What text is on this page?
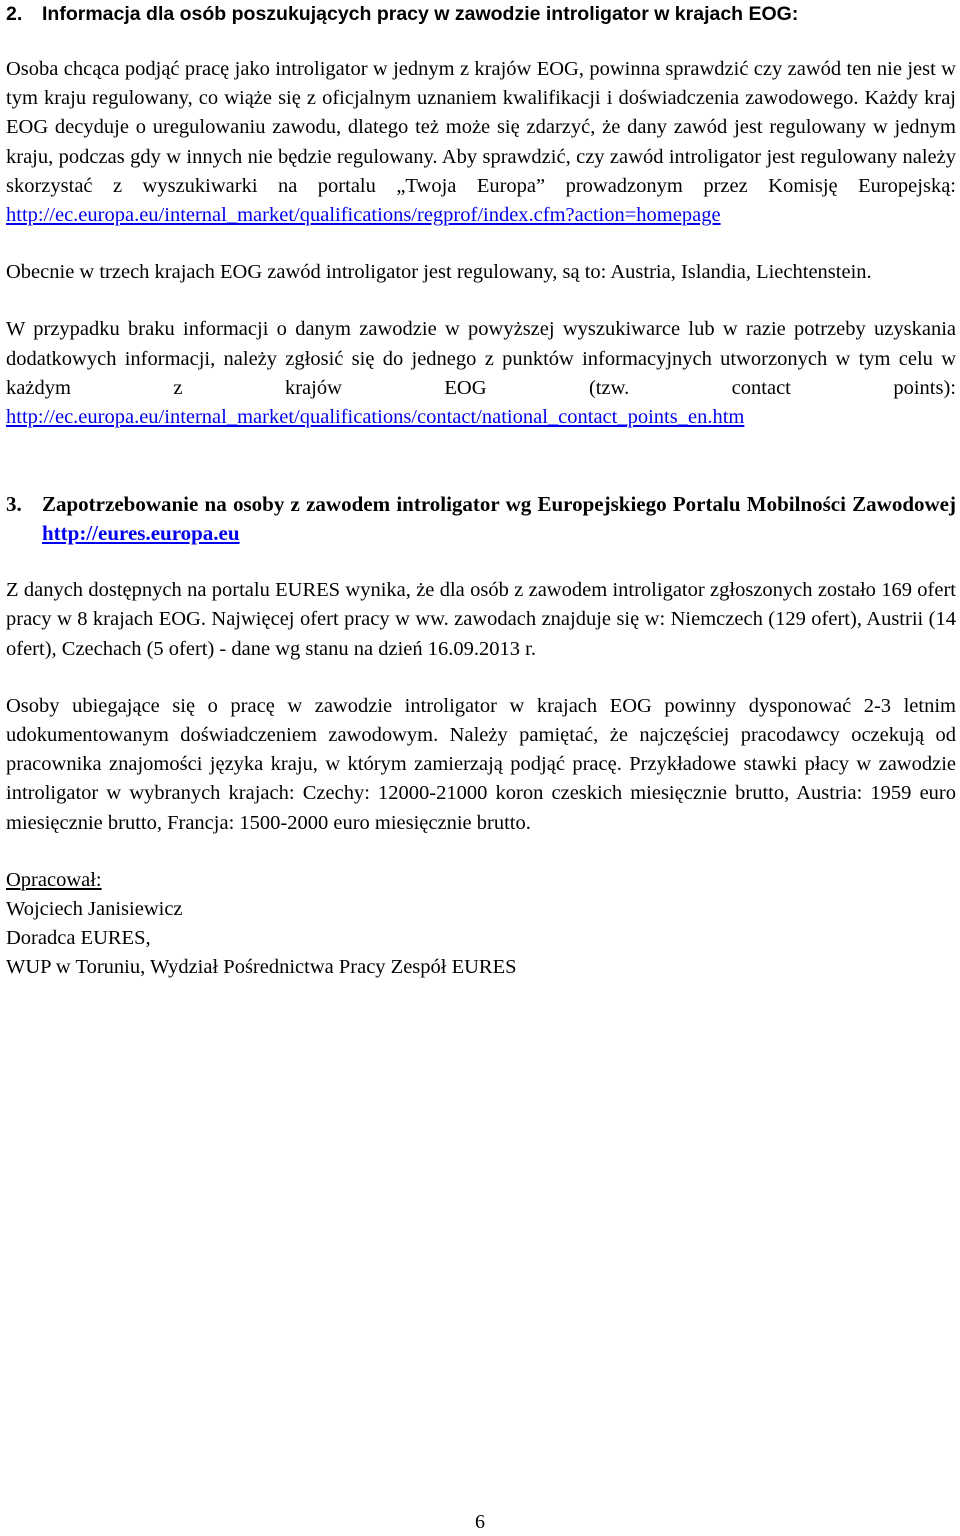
2.	Informacja dla osób poszukujących pracy w zawodzie introligator w krajach EOG:

Osoba chcąca podjąć pracę jako introligator w jednym z krajów EOG, powinna sprawdzić czy zawód ten nie jest w tym kraju regulowany, co wiąże się z oficjalnym uznaniem kwalifikacji i doświadczenia zawodowego. Każdy kraj EOG decyduje o uregulowaniu zawodu, dlatego też może się zdarzyć, że dany zawód jest regulowany w jednym kraju, podczas gdy w innych nie będzie regulowany. Aby sprawdzić, czy zawód introligator jest regulowany należy skorzystać z wyszukiwarki na portalu „Twoja Europa” prowadzonym przez Komisję Europejską: http://ec.europa.eu/internal_market/qualifications/regprof/index.cfm?action=homepage

Obecnie w trzech krajach EOG zawód introligator jest regulowany, są to: Austria, Islandia, Liechtenstein.

W przypadku braku informacji o danym zawodzie w powyższej wyszukiwarce lub w razie potrzeby uzyskania dodatkowych informacji, należy zgłosić się do jednego z punktów informacyjnych utworzonych w tym celu w każdym z krajów EOG (tzw. contact points): http://ec.europa.eu/internal_market/qualifications/contact/national_contact_points_en.htm

3. Zapotrzebowanie na osoby z zawodem introligator wg Europejskiego Portalu Mobilności Zawodowej http://eures.europa.eu

Z danych dostępnych na portalu EURES wynika, że dla osób z zawodem introligator zgłoszonych zostało 169 ofert pracy w 8 krajach EOG. Najwięcej ofert pracy w ww. zawodach znajduje się w: Niemczech (129 ofert), Austrii (14 ofert), Czechach (5 ofert) - dane wg stanu na dzień 16.09.2013 r.

Osoby ubiegające się o pracę w zawodzie introligator w krajach EOG powinny dysponować 2-3 letnim udokumentowanym doświadczeniem zawodowym. Należy pamiętać, że najczęściej pracodawcy oczekują od pracownika znajomości języka kraju, w którym zamierzają podjąć pracę. Przykładowe stawki płacy w zawodzie introligator w wybranych krajach: Czechy: 12000-21000 koron czeskich miesięcznie brutto, Austria: 1959 euro miesięcznie brutto, Francja: 1500-2000 euro miesięcznie brutto.

Opracował:
Wojciech Janisiewicz
Doradca EURES,
WUP w Toruniu, Wydział Pośrednictwa Pracy Zespół EURES

6
